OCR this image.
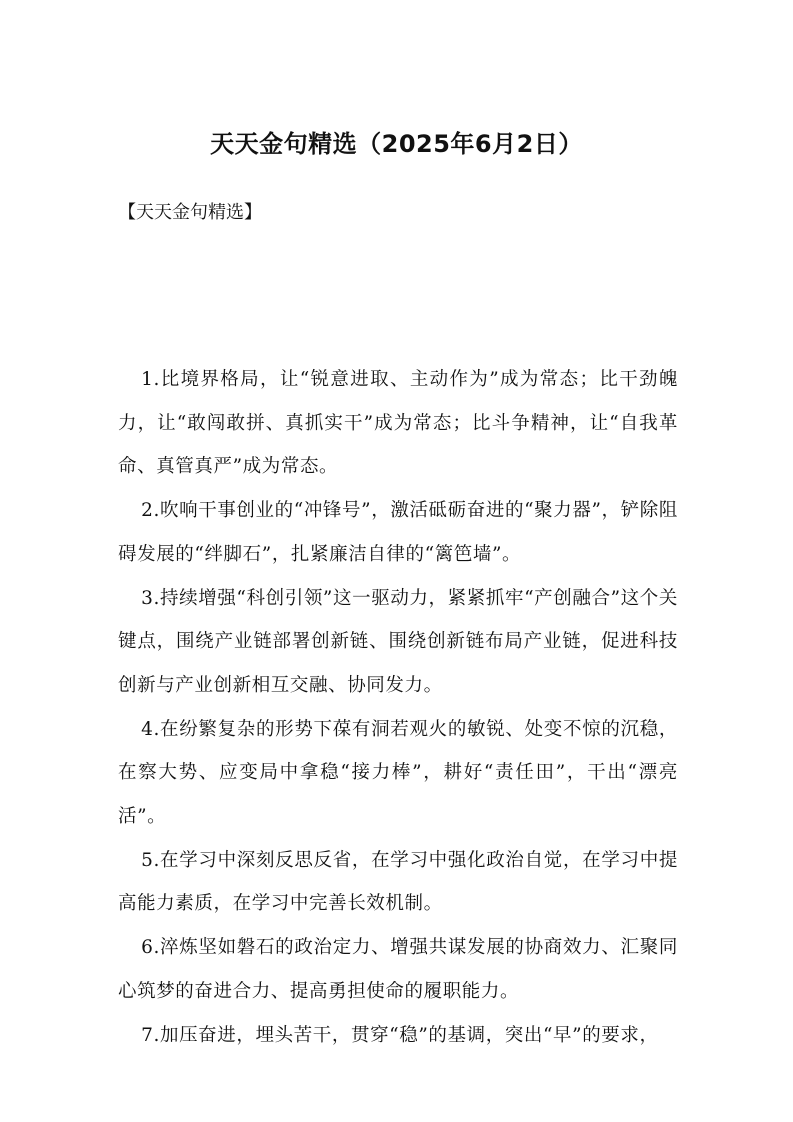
天天金句精选（2025年6月2日）

【天天金句精选】

1.比境界格局，让“锐意进取、主动作为”成为常态；比干劲魄力，让“敢闯敢拼、真抓实干”成为常态；比斗争精神，让“自我革命、真管真严”成为常态。

2.吹响干事创业的“冲锋号”，激活砥砺奋进的“聚力器”，铲除阻碍发展的“绊脚石”，扎紧廉洁自律的“篱笆墙”。

3.持续增强“科创引领”这一驱动力，紧紧抓牢“产创融合”这个关键点，围绕产业链部署创新链、围绕创新链布局产业链，促进科技创新与产业创新相互交融、协同发力。

4.在纷繁复杂的形势下葆有洞若观火的敏锐、处变不惊的沉稳，在察大势、应变局中拿稳“接力棒”，耕好“责任田”，干出“漂亮活”。

5.在学习中深刻反思反省，在学习中强化政治自觉，在学习中提高能力素质，在学习中完善长效机制。

6.淬炼坚如磐石的政治定力、增强共谋发展的协商效力、汇聚同心筑梦的奋进合力、提高勇担使命的履职能力。

7.加压奋进，埋头苦干，贯穿“稳”的基调，突出“早”的要求，
